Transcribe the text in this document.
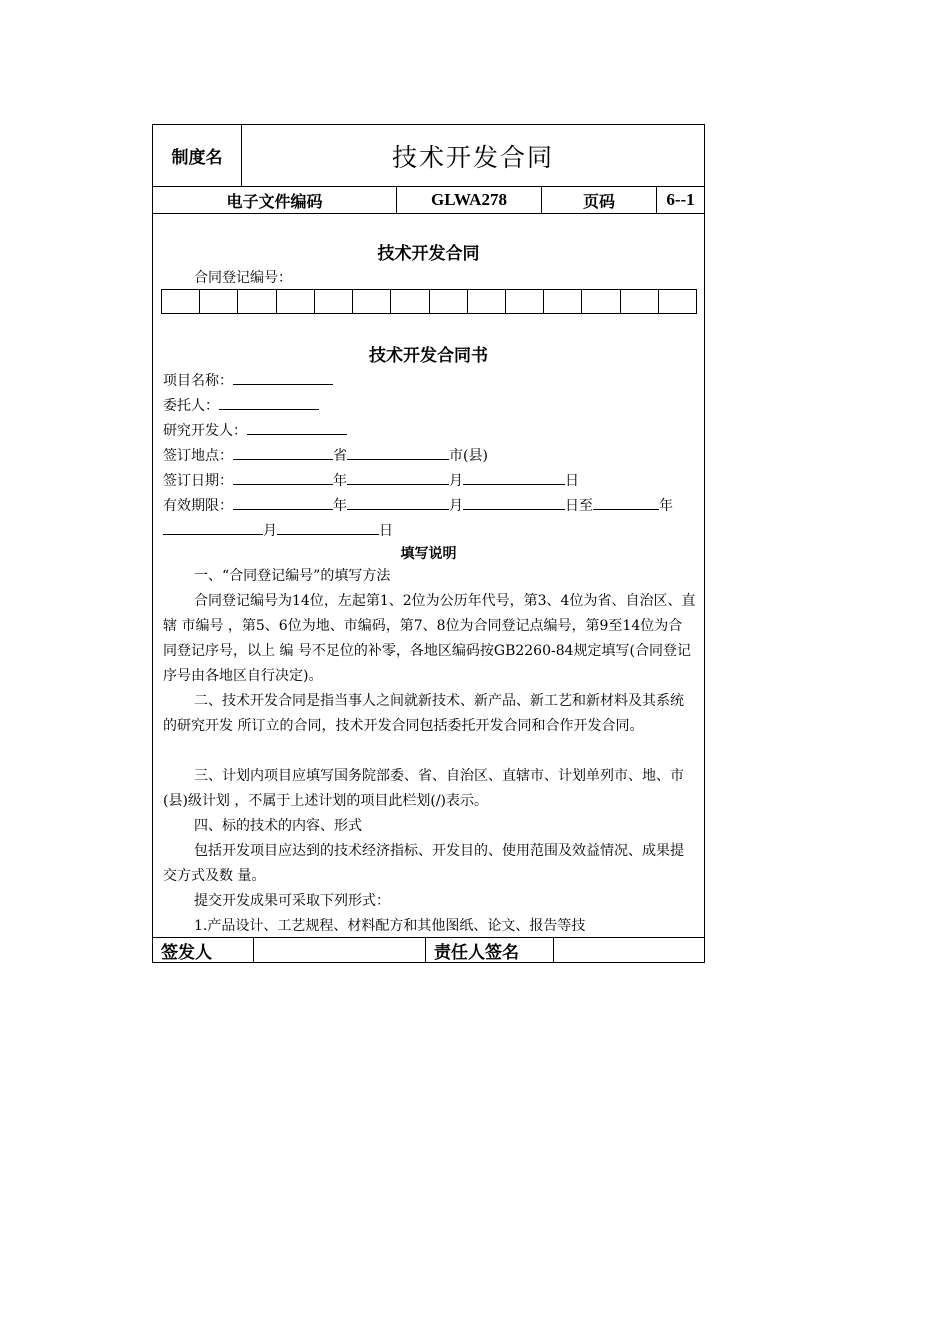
制度名	技术开发合同
电子文件编码	GLWA278	页码	6--1
技术开发合同
合同登记编号：
技术开发合同书
项目名称：
委托人：
研究开发人：
签订地点：	省	市(县)
签订日期：	年	月	日
有效期限：	年	月	日至	年
月	日
填写说明
一、“合同登记编号”的填写方法
合同登记编号为14位，左起第1、2位为公历年代号，第3、4位为省、自治区、直辖 市编号 ，第5、6位为地、市编码，第7、8位为合同登记点编号，第9至14位为合同登记序号，以上 编 号不足位的补零，各地区编码按GB2260-84规定填写(合同登记序号由各地区自行决定)。
二、技术开发合同是指当事人之间就新技术、新产品、新工艺和新材料及其系统的研究开发 所订立的合同，技术开发合同包括委托开发合同和合作开发合同。
三、计划内项目应填写国务院部委、省、自治区、直辖市、计划单列市、地、市(县)级计划 ，不属于上述计划的项目此栏划(/)表示。
四、标的技术的内容、形式
包括开发项目应达到的技术经济指标、开发目的、使用范围及效益情况、成果提交方式及数 量。
提交开发成果可采取下列形式：
1.产品设计、工艺规程、材料配方和其他图纸、论文、报告等技
签发人	责任人签名
